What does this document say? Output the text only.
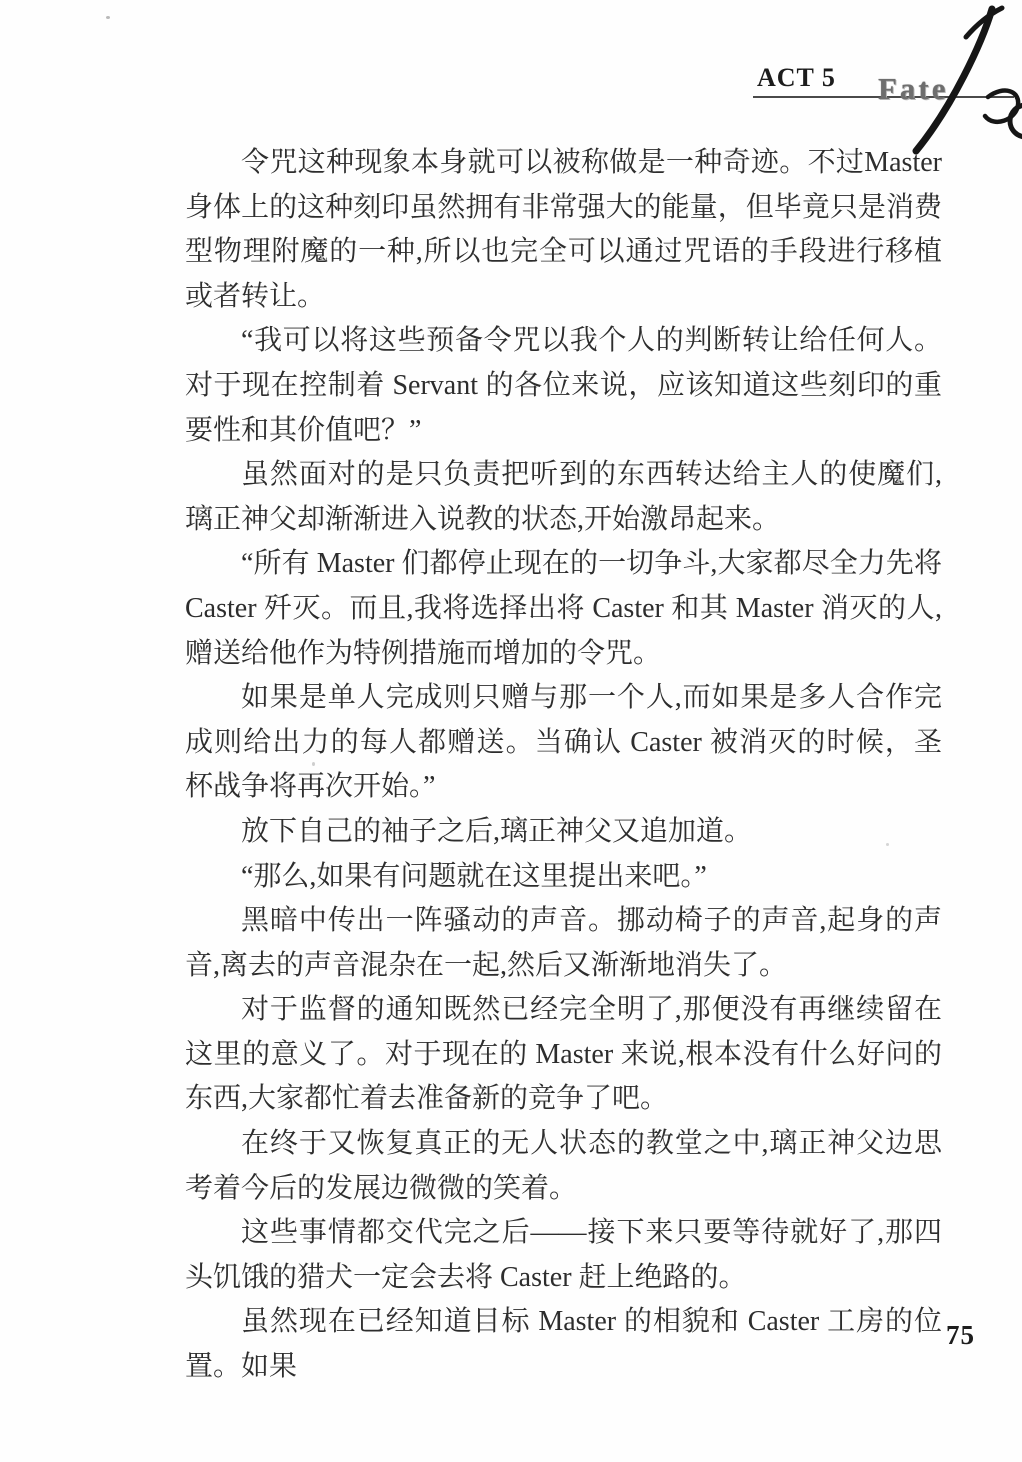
ACT 5 Fate

令咒这种现象本身就可以被称做是一种奇迹。不过Master 身体上的这种刻印虽然拥有非常强大的能量，但毕竟只是消费型物理附魔的一种,所以也完全可以通过咒语的手段进行移植或者转让。

“我可以将这些预备令咒以我个人的判断转让给任何人。对于现在控制着 Servant 的各位来说，应该知道这些刻印的重要性和其价值吧？”

虽然面对的是只负责把听到的东西转达给主人的使魔们,璃正神父却渐渐进入说教的状态,开始激昂起来。

“所有 Master 们都停止现在的一切争斗,大家都尽全力先将 Caster 歼灭。而且,我将选择出将 Caster 和其 Master 消灭的人,赠送给他作为特例措施而增加的令咒。

如果是单人完成则只赠与那一个人,而如果是多人合作完成则给出力的每人都赠送。当确认 Caster 被消灭的时候，圣杯战争将再次开始。”

放下自己的袖子之后,璃正神父又追加道。

“那么,如果有问题就在这里提出来吧。”

黑暗中传出一阵骚动的声音。挪动椅子的声音,起身的声音,离去的声音混杂在一起,然后又渐渐地消失了。

对于监督的通知既然已经完全明了,那便没有再继续留在这里的意义了。对于现在的 Master 来说,根本没有什么好问的东西,大家都忙着去准备新的竞争了吧。

在终于又恢复真正的无人状态的教堂之中,璃正神父边思考着今后的发展边微微的笑着。

这些事情都交代完之后——接下来只要等待就好了,那四头饥饿的猎犬一定会去将 Caster 赶上绝路的。

虽然现在已经知道目标 Master 的相貌和 Caster 工房的位置。如果

75
